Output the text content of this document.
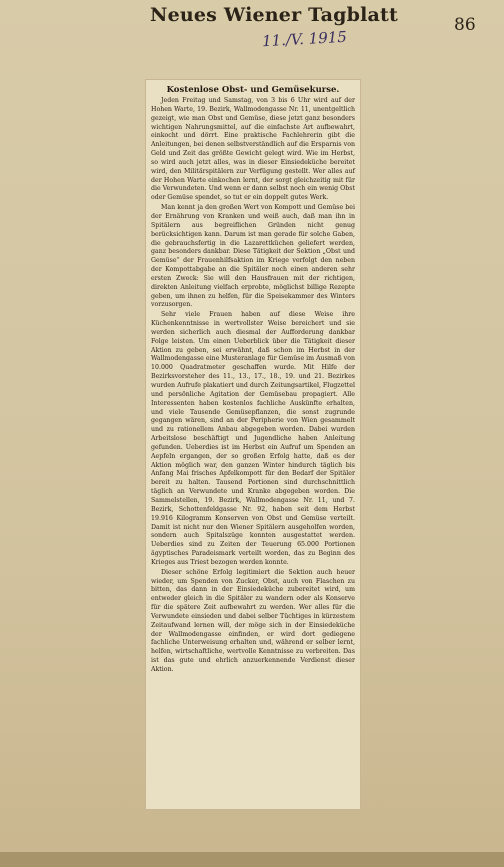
Neues Wiener Tagblatt
11./V. 1915
86
Kostenlose Obst- und Gemüsekurse.

Jeden Freitag und Samstag, von 3 bis 6 Uhr wird auf der Hohen Warte, 19. Bezirk, Wallmodengasse Nr. 11, unentgeltlich gezeigt, wie man Obst und Gemüse, diese jetzt ganz besonders wichtigen Nahrungsmittel, auf die einfachste Art aufbewahrt, einkocht und dörrt. Eine praktische Fachlehrerin gibt die Anleitungen, bei denen selbstverständlich auf die Ersparnis von Geld und Zeit das größte Gewicht gelegt wird. Wie im Herbst, so wird auch jetzt alles, was in dieser Einsiedeküche bereitet wird, den Militärspitälern zur Verfügung gestellt. Wer alles auf der Hohen Warte einkochen lernt, der sorgt gleichzeitig mit für die Verwundeten. Und wenn er dann selbst noch ein wenig Obst oder Gemüse spendet, so tut er ein doppelt gutes Werk.

Man kennt ja den großen Wert von Kompott und Gemüse bei der Ernährung von Kranken und weiß auch, daß man ihn in Spitälern aus begreiflichen Gründen nicht genug berücksichtigen kann. Darum ist man gerade für solche Gaben, die gebrauchsfertig in die Lazarettküchen geliefert werden, ganz besonders dankbar. Diese Tätigkeit der Sektion „Obst und Gemüse“ der Frauenhilfsaktion im Kriege verfolgt den neben der Kompottabgabe an die Spitäler noch einen anderen sehr ersten Zweck: Sie will den Hausfrauen mit der richtigen, direkten Anleitung vielfach erprobte, möglichst billige Rezepte geben, um ihnen zu helfen, für die Speisekammer des Winters vorzusorgen.

Sehr viele Frauen haben auf diese Weise ihre Küchenkenntnisse in wertvollster Weise bereichert und sie werden sicherlich auch diesmal der Aufforderung dankbar Folge leisten. Um einen Ueberblick über die Tätigkeit dieser Aktion zu geben, sei erwähnt, daß schon im Herbst in der Wallmodengasse eine Musteranlage für Gemüse im Ausmaß von 10.000 Quadratmeter geschaffen wurde. Mit Hilfe der Bezirksvorsteher des 11., 13., 17., 18., 19. und 21. Bezirkes wurden Aufrufe plakatiert und durch Zeitungsartikel, Flugzettel und persönliche Agitation der Gemüsebau propagiert. Alle Interessenten haben kostenlos fachliche Auskünfte erhalten, und viele Tausende Gemüsepflanzen, die sonst zugrunde gegangen wären, sind an der Peripherie von Wien gesammelt und zu rationellem Anbau abgegeben worden. Dabei wurden Arbeitslose beschäftigt und Jugendliche haben Anleitung gefunden. Ueberdies ist im Herbst ein Aufruf um Spenden an Aepfeln ergangen, der so großen Erfolg hatte, daß es der Aktion möglich war, den ganzen Winter hindurch täglich bis Anfang Mai frisches Apfelkompott für den Bedarf der Spitäler bereit zu halten. Tausend Portionen sind durchschnittlich täglich an Verwundete und Kranke abgegeben worden. Die Sammelstellen, 19. Bezirk, Wallmodengasse Nr. 11, und 7. Bezirk, Schottenfeldgasse Nr. 92, haben seit dem Herbst 19.916 Kilogramm Konserven von Obst und Gemüse verteilt. Damit ist nicht nur den Wiener Spitälern ausgeholfen worden, sondern auch Spitalszüge konnten ausgestattet werden. Ueberdies sind zu Zeiten der Teuerung 65.000 Portionen ägyptisches Paradeismark verteilt worden, das zu Beginn des Krieges aus Triest bezogen werden konnte.

Dieser schöne Erfolg legitimiert die Sektion auch heuer wieder, um Spenden von Zucker, Obst, auch von Flaschen zu bitten, das dann in der Einsiedeküche zubereitet wird, um entweder gleich in die Spitäler zu wandern oder als Konserve für die spätere Zeit aufbewahrt zu werden. Wer alles für die Verwundete einsieden und dabei selber Tüchtiges in kürzestem Zeitaufwand lernen will, der möge sich in der Einsiedeküche der Wallmodengasse einfinden, er wird dort gediegene fachliche Unterweisung erhalten und, während er selber lernt, helfen, wirtschaftliche, wertvolle Kenntnisse zu verbreiten. Das ist das gute und ehrlich anzuerkennende Verdienst dieser Aktion.
